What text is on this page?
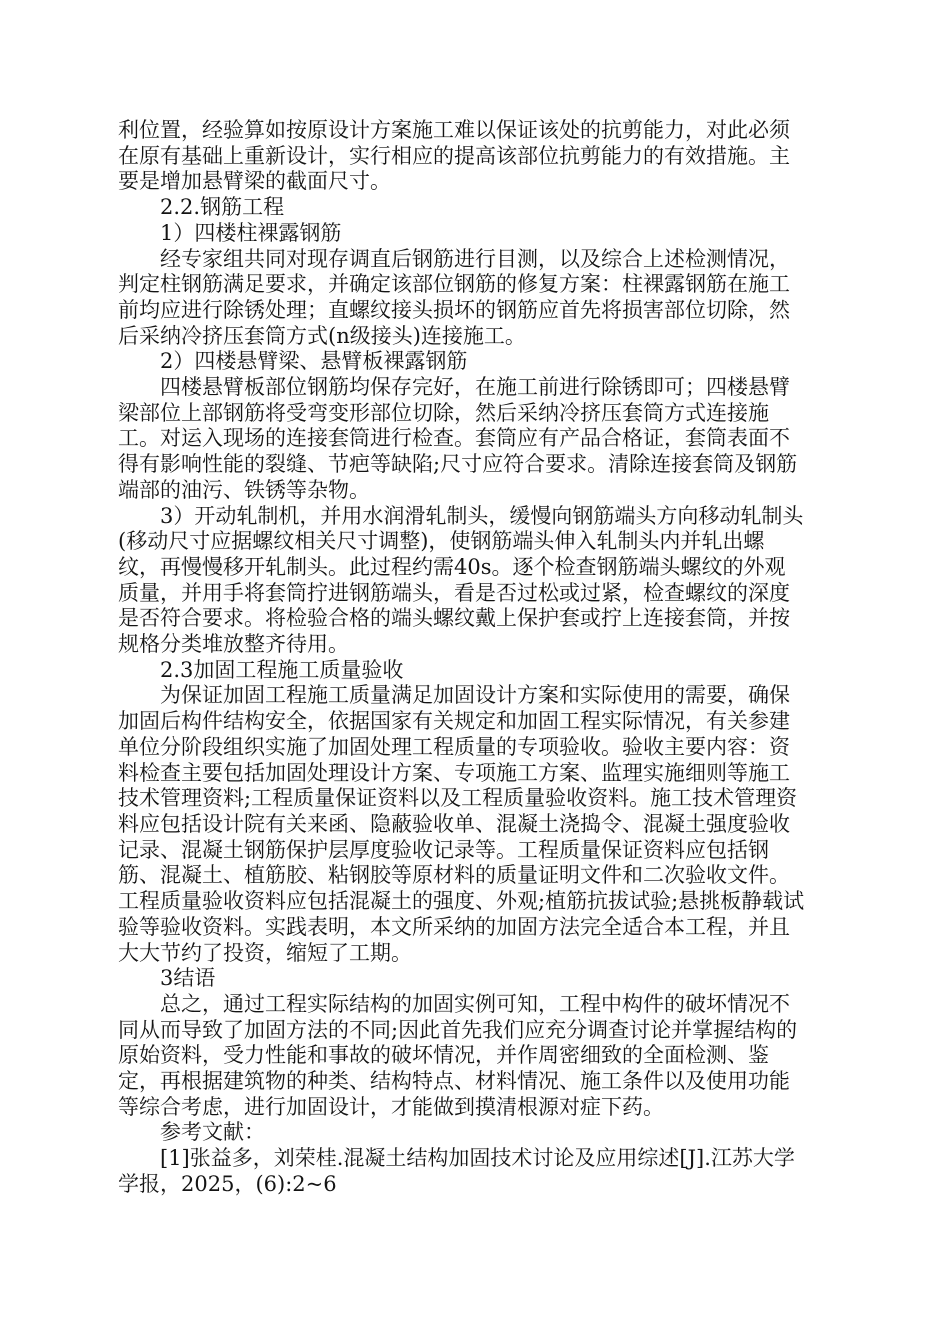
利位置，经验算如按原设计方案施工难以保证该处的抗剪能力，对此必须在原有基础上重新设计，实行相应的提高该部位抗剪能力的有效措施。主要是增加悬臂梁的截面尺寸。

2.2.钢筋工程

1）四楼柱裸露钢筋

经专家组共同对现存调直后钢筋进行目测，以及综合上述检测情况，判定柱钢筋满足要求，并确定该部位钢筋的修复方案：柱裸露钢筋在施工前均应进行除锈处理；直螺纹接头损坏的钢筋应首先将损害部位切除，然后采纳冷挤压套筒方式(n级接头)连接施工。

2）四楼悬臂梁、悬臂板裸露钢筋

四楼悬臂板部位钢筋均保存完好，在施工前进行除锈即可；四楼悬臂梁部位上部钢筋将受弯变形部位切除，然后采纳冷挤压套筒方式连接施工。对运入现场的连接套筒进行检查。套筒应有产品合格证，套筒表面不得有影响性能的裂缝、节疤等缺陷;尺寸应符合要求。清除连接套筒及钢筋端部的油污、铁锈等杂物。

3）开动轧制机，并用水润滑轧制头，缓慢向钢筋端头方向移动轧制头(移动尺寸应据螺纹相关尺寸调整)，使钢筋端头伸入轧制头内并轧出螺纹，再慢慢移开轧制头。此过程约需40s。逐个检查钢筋端头螺纹的外观质量，并用手将套筒拧进钢筋端头，看是否过松或过紧，检查螺纹的深度是否符合要求。将检验合格的端头螺纹戴上保护套或拧上连接套筒，并按规格分类堆放整齐待用。

2.3加固工程施工质量验收

为保证加固工程施工质量满足加固设计方案和实际使用的需要，确保加固后构件结构安全，依据国家有关规定和加固工程实际情况，有关参建单位分阶段组织实施了加固处理工程质量的专项验收。验收主要内容：资料检查主要包括加固处理设计方案、专项施工方案、监理实施细则等施工技术管理资料;工程质量保证资料以及工程质量验收资料。施工技术管理资料应包括设计院有关来函、隐蔽验收单、混凝土浇捣令、混凝土强度验收记录、混凝土钢筋保护层厚度验收记录等。工程质量保证资料应包括钢筋、混凝土、植筋胶、粘钢胶等原材料的质量证明文件和二次验收文件。工程质量验收资料应包括混凝土的强度、外观;植筋抗拔试验;悬挑板静载试验等验收资料。实践表明，本文所采纳的加固方法完全适合本工程，并且大大节约了投资，缩短了工期。

3结语

总之，通过工程实际结构的加固实例可知，工程中构件的破坏情况不同从而导致了加固方法的不同;因此首先我们应充分调查讨论并掌握结构的原始资料，受力性能和事故的破坏情况，并作周密细致的全面检测、鉴定，再根据建筑物的种类、结构特点、材料情况、施工条件以及使用功能等综合考虑，进行加固设计，才能做到摸清根源对症下药。

参考文献：

[1]张益多，刘荣桂.混凝土结构加固技术讨论及应用综述[J].江苏大学学报，2025，(6):2~6
